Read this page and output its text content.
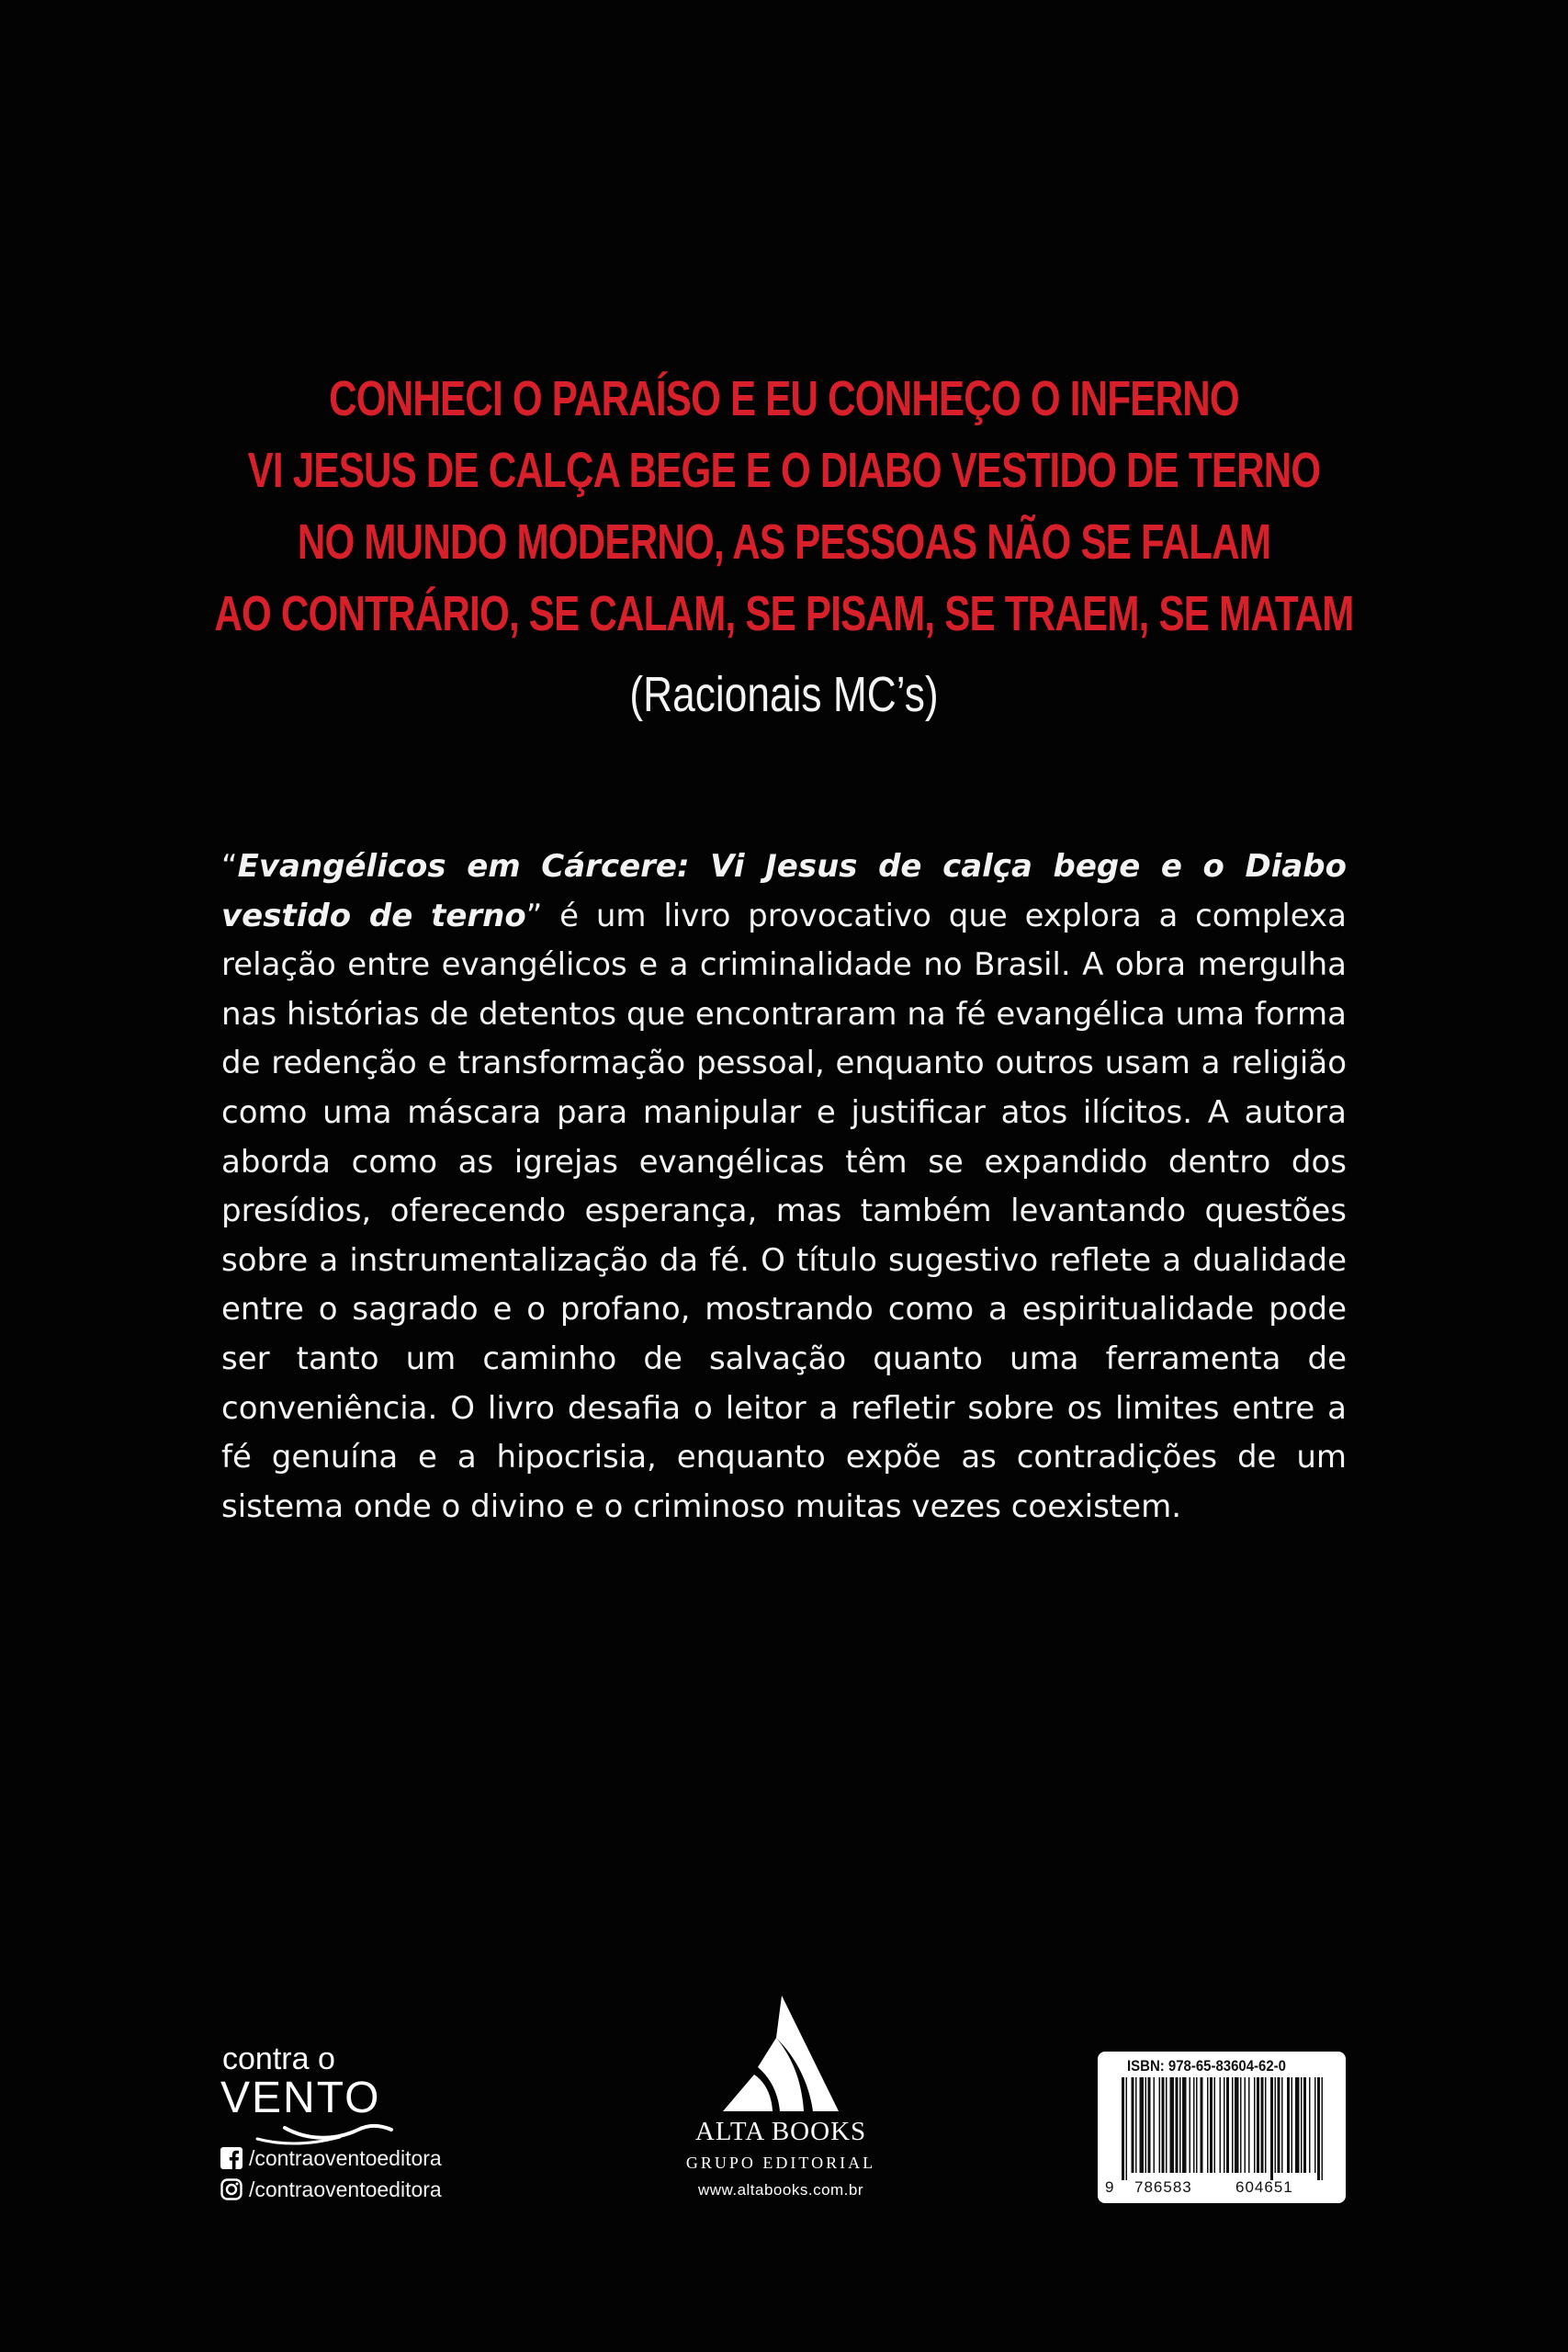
CONHECI O PARAÍSO E EU CONHEÇO O INFERNO
VI JESUS DE CALÇA BEGE E O DIABO VESTIDO DE TERNO
NO MUNDO MODERNO, AS PESSOAS NÃO SE FALAM
AO CONTRÁRIO, SE CALAM, SE PISAM, SE TRAEM, SE MATAM
(Racionais MC’s)

“Evangélicos em Cárcere: Vi Jesus de calça bege e o Diabo vestido de terno” é um livro provocativo que explora a complexa relação entre evangélicos e a criminalidade no Brasil. A obra mergulha nas histórias de detentos que encontraram na fé evangélica uma forma de redenção e transformação pessoal, enquanto outros usam a religião como uma máscara para manipular e justificar atos ilícitos. A autora aborda como as igrejas evangélicas têm se expandido dentro dos presídios, oferecendo esperança, mas também levantando questões sobre a instrumentalização da fé. O título sugestivo reflete a dualidade entre o sagrado e o profano, mostrando como a espiritualidade pode ser tanto um caminho de salvação quanto uma ferramenta de conveniência. O livro desafia o leitor a refletir sobre os limites entre a fé genuína e a hipocrisia, enquanto expõe as contradições de um sistema onde o divino e o criminoso muitas vezes coexistem.

contra o
VENTO
/contraoventoeditora
/contraoventoeditora
ALTA BOOKS
GRUPO EDITORIAL
www.altabooks.com.br
ISBN: 978-65-83604-62-0
9 786583	604651
